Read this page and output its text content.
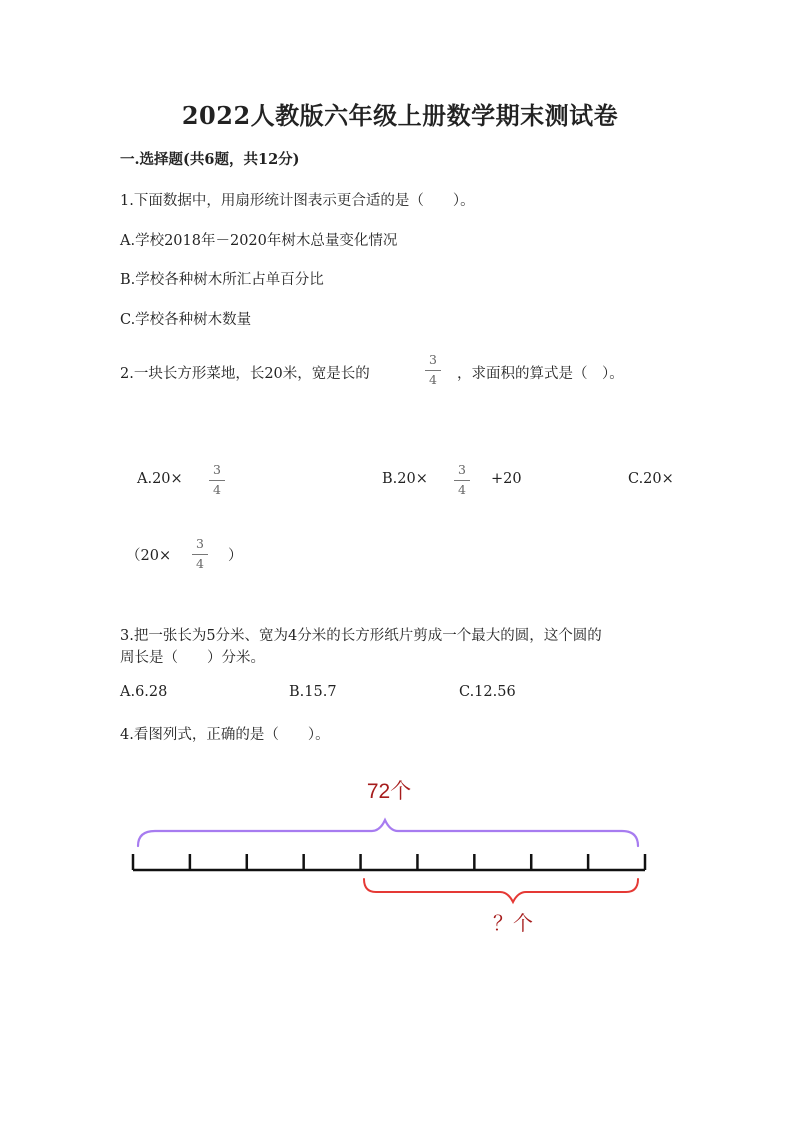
2022人教版六年级上册数学期末测试卷
一.选择题(共6题，共12分)
1.下面数据中，用扇形统计图表示更合适的是（　　）。
A.学校2018年－2020年树木总量变化情况
B.学校各种树木所汇占单百分比
C.学校各种树木数量
2.一块长方形菜地，长20米，宽是长的
3
4	，求面积的算式是（　）。
A.20×
3
4
B.20×
3
4
+20	C.20×
（20×
3
4	）
3.把一张长为5分米、宽为4分米的长方形纸片剪成一个最大的圆，这个圆的
周长是（　　）分米。
A.6.28	B.15.7	C.12.56
4.看图列式，正确的是（　　）。
72个
？个
